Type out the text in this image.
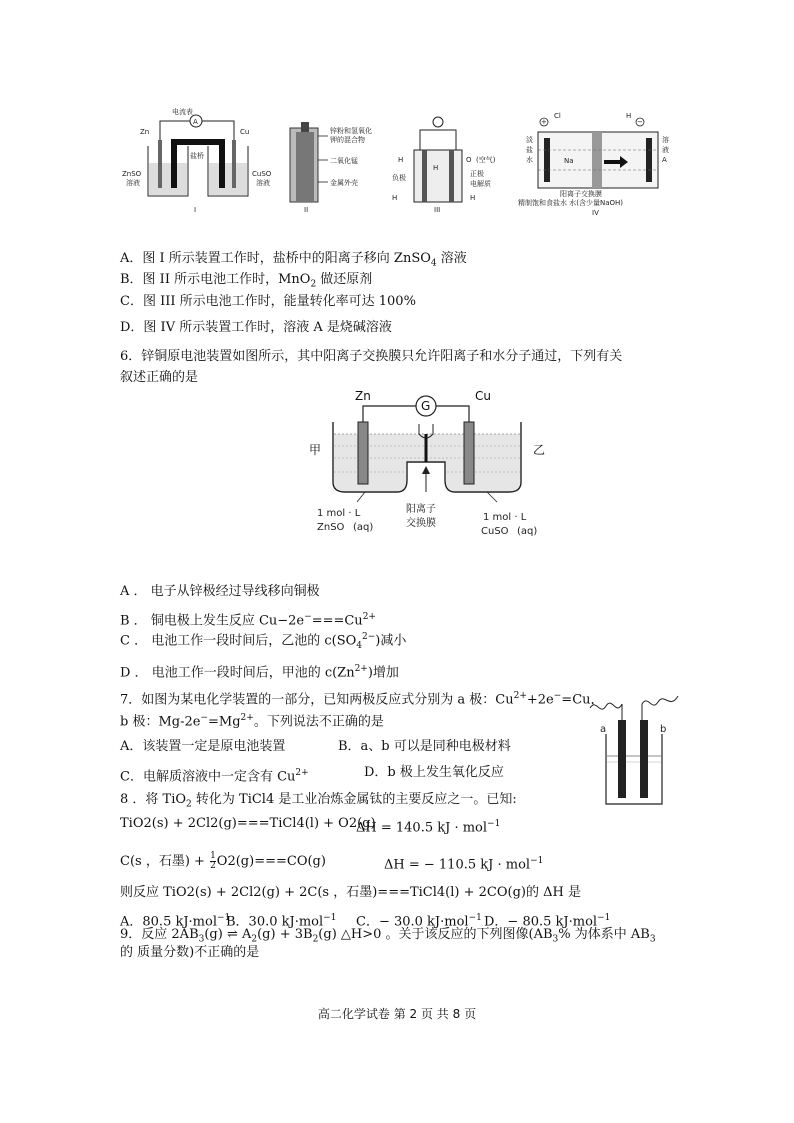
电流表
A
Zn	Cu
盐桥
ZnSO
溶液
CuSO
溶液
I
锌粉和氢氧化
钾的混合物
二氧化锰
金属外壳
II
H	O (空气)
H
负极	正极
电解质
H	H
III
Cl	H
+	−
Na
淡
盐
水
溶
液
A
阳离子交换膜
精制饱和食盐水 水(含少量NaOH)
IV
A．图 I 所示装置工作时，盐桥中的阳离子移向 ZnSO$_4$ 溶液
B．图 II 所示电池工作时，MnO$_2$ 做还原剂
C．图 III 所示电池工作时，能量转化率可达 100%
D．图 IV 所示装置工作时，溶液 A 是烧碱溶液
6．锌铜原电池装置如图所示，其中阳离子交换膜只允许阳离子和水分子通过，下列有关
叙述正确的是
Zn	Cu
G
甲	乙
1 mol · L
ZnSO (aq)
阳离子
交换膜
1 mol · L
CuSO (aq)
A ． 电子从锌极经过导线移向铜极
B ． 铜电极上发生反应 $Cu-2e^-===Cu^{2+}$
C ． 电池工作一段时间后，乙池的 $c(SO_4^{2-})$减小
D ． 电池工作一段时间后，甲池的 $c(Zn^{2+})$增加
7．如图为某电化学装置的一部分，已知两极反应式分别为 a 极：$Cu^{2+}+2e^-=Cu$，
b 极：$Mg-2e^-=Mg^{2+}$。下列说法不正确的是
A．该装置一定是原电池装置	B．a、b 可以是同种电极材料
C．电解质溶液中一定含有 $Cu^{2+}$	D．b 极上发生氧化反应
a	b
8 ．将 TiO$_2$ 转化为 TiCl4 是工业冶炼金属钛的主要反应之一。已知:
TiO2(s) + 2Cl2(g)===TiCl4(l) + O2(g)
ΔH = 140.5 kJ · mol$^{-1}$
C(s ，石墨) + $\frac{1}{2} O2(g)===CO(g)$	ΔH = − 110.5 kJ · mol$^{-1}$
则反应 TiO2(s) + 2Cl2(g) + 2C(s ，石墨)===TiCl4(l) + 2CO(g)的 ΔH 是
A．80.5 kJ·mol$^{-1}$
B．30.0 kJ·mol$^{-1}$ C．− 30.0 kJ·mol$^{-1}$ D．− 80.5 kJ·mol$^{-1}$
9．反应 $2AB_3(g)$ ⇌ $A_2(g) + 3B_2(g)$ △H>0 。关于该反应的下列图像($AB_3\%$ 为体系中 $AB_3$
的 质量分数)不正确的是
高二化学试卷 第 2 页 共 8 页
